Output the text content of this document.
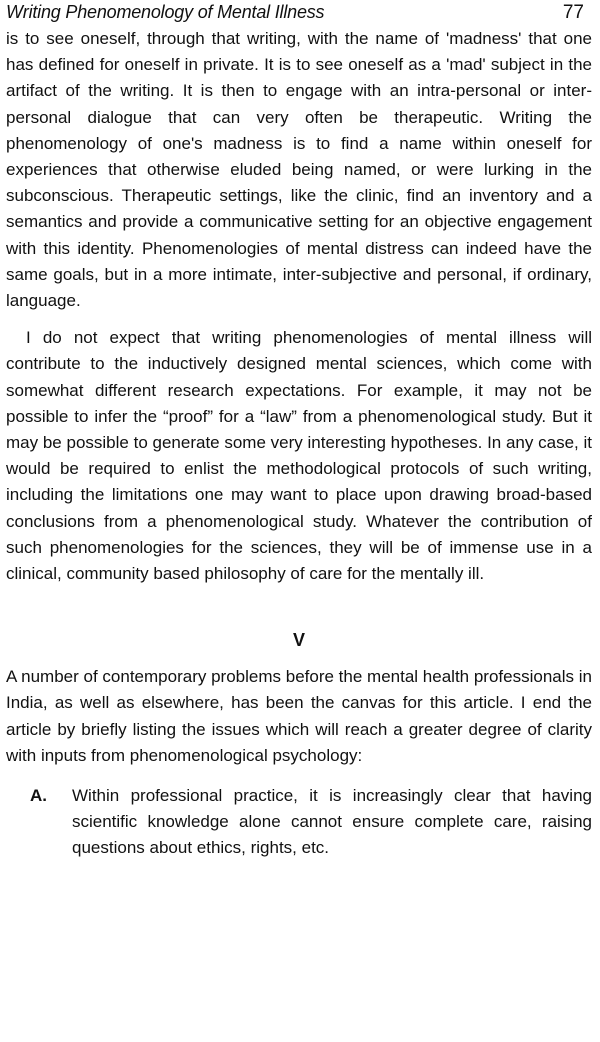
Writing Phenomenology of Mental Illness	77

is to see oneself, through that writing, with the name of 'madness' that one has defined for oneself in private. It is to see oneself as a 'mad' subject in the artifact of the writing. It is then to engage with an intra-personal or inter-personal dialogue that can very often be therapeutic. Writing the phenomenology of one's madness is to find a name within oneself for experiences that otherwise eluded being named, or were lurking in the subconscious. Therapeutic settings, like the clinic, find an inventory and a semantics and provide a communicative setting for an objective engagement with this identity. Phenomenologies of mental distress can indeed have the same goals, but in a more intimate, inter-subjective and personal, if ordinary, language.

I do not expect that writing phenomenologies of mental illness will contribute to the inductively designed mental sciences, which come with somewhat different research expectations. For example, it may not be possible to infer the “proof” for a “law” from a phenomenological study. But it may be possible to generate some very interesting hypotheses. In any case, it would be required to enlist the methodological protocols of such writing, including the limitations one may want to place upon drawing broad-based conclusions from a phenomenological study. Whatever the contribution of such phenomenologies for the sciences, they will be of immense use in a clinical, community based philosophy of care for the mentally ill.

V

A number of contemporary problems before the mental health professionals in India, as well as elsewhere, has been the canvas for this article. I end the article by briefly listing the issues which will reach a greater degree of clarity with inputs from phenomenological psychology:

A.	Within professional practice, it is increasingly clear that having scientific knowledge alone cannot ensure complete care, raising questions about ethics, rights, etc.
